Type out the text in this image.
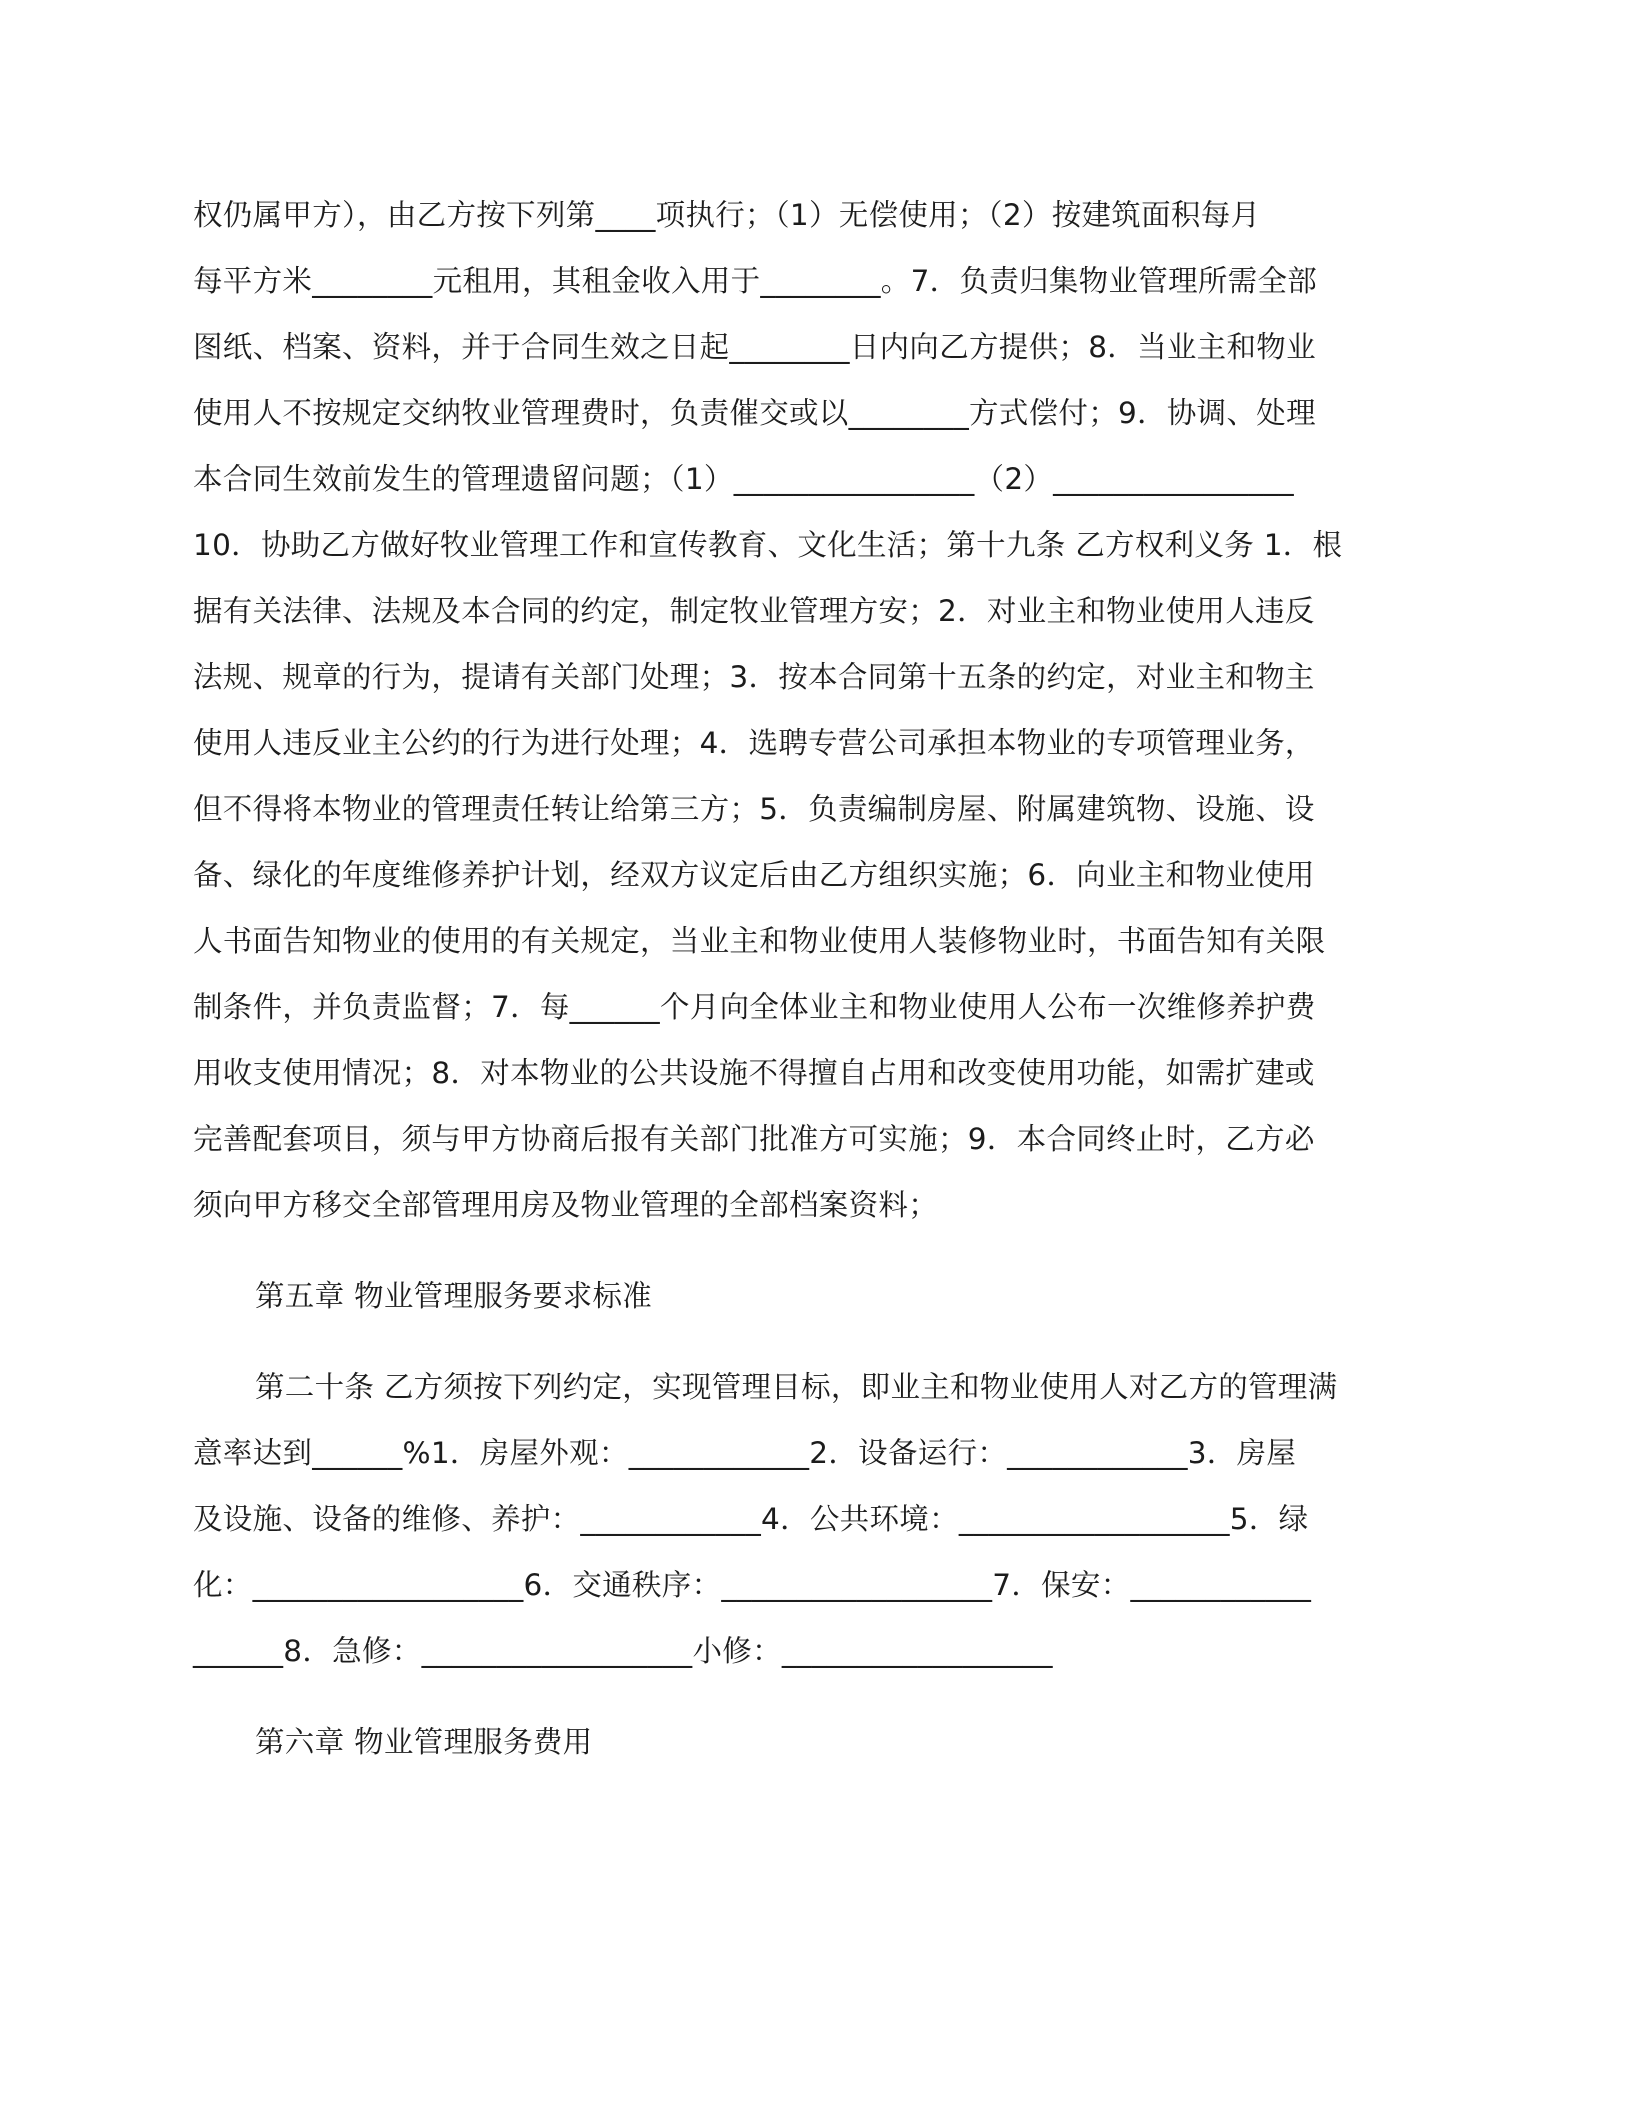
权仍属甲方），由乙方按下列第____项执行；（1）无偿使用；（2）按建筑面积每月

每平方米________元租用，其租金收入用于________。7．负责归集物业管理所需全部

图纸、档案、资料，并于合同生效之日起________日内向乙方提供；8．当业主和物业

使用人不按规定交纳牧业管理费时，负责催交或以________方式偿付；9．协调、处理

本合同生效前发生的管理遗留问题；（1）________________（2）________________

10．协助乙方做好牧业管理工作和宣传教育、文化生活；第十九条 乙方权利义务 1．根

据有关法律、法规及本合同的约定，制定牧业管理方安；2．对业主和物业使用人违反

法规、规章的行为，提请有关部门处理；3．按本合同第十五条的约定，对业主和物主

使用人违反业主公约的行为进行处理；4．选聘专营公司承担本物业的专项管理业务，

但不得将本物业的管理责任转让给第三方；5．负责编制房屋、附属建筑物、设施、设

备、绿化的年度维修养护计划，经双方议定后由乙方组织实施；6．向业主和物业使用

人书面告知物业的使用的有关规定，当业主和物业使用人装修物业时，书面告知有关限

制条件，并负责监督；7．每______个月向全体业主和物业使用人公布一次维修养护费

用收支使用情况；8．对本物业的公共设施不得擅自占用和改变使用功能，如需扩建或

完善配套项目，须与甲方协商后报有关部门批准方可实施；9．本合同终止时，乙方必

须向甲方移交全部管理用房及物业管理的全部档案资料；

第五章 物业管理服务要求标准

第二十条 乙方须按下列约定，实现管理目标，即业主和物业使用人对乙方的管理满

意率达到______%1．房屋外观：____________2．设备运行：____________3．房屋

及设施、设备的维修、养护：____________4．公共环境：__________________5．绿

化：__________________6．交通秩序：__________________7．保安：____________

______8．急修：__________________小修：__________________

第六章 物业管理服务费用
